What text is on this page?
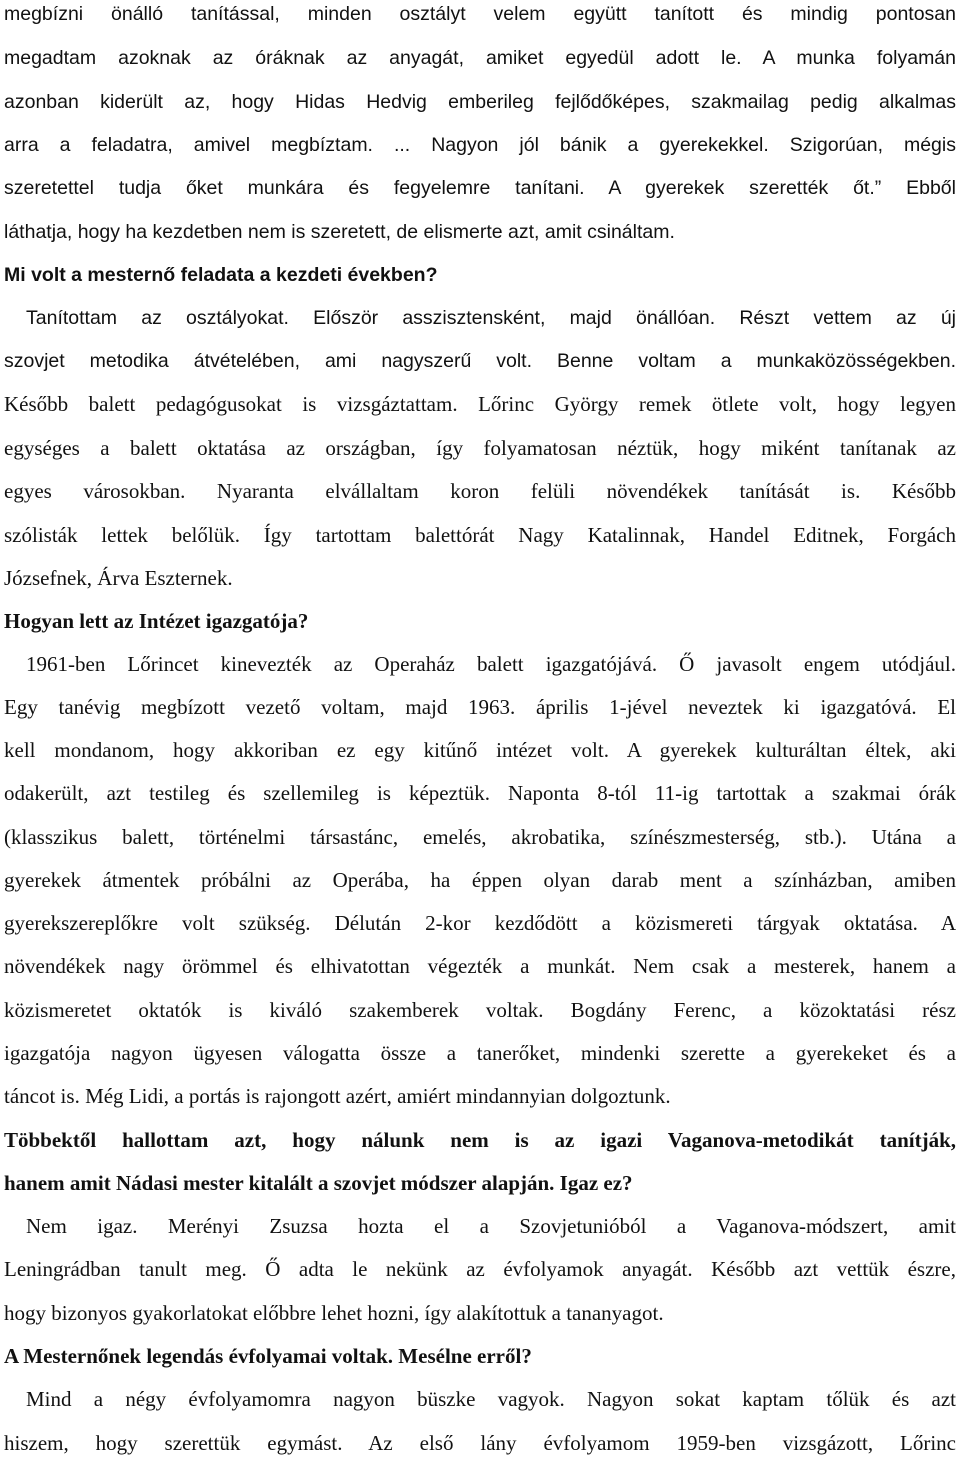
megbízni önálló tanítással, minden osztályt velem együtt tanított és mindig pontosan
megadtam azoknak az óráknak az anyagát, amiket egyedül adott le. A munka folyamán
azonban kiderült az, hogy Hidas Hedvig emberileg fejlődőképes, szakmailag pedig alkalmas
arra a feladatra, amivel megbíztam. ... Nagyon jól bánik a gyerekekkel. Szigorúan, mégis
szeretettel tudja őket munkára és fegyelemre tanítani. A gyerekek szerették őt.” Ebből
láthatja, hogy ha kezdetben nem is szeretett, de elismerte azt, amit csináltam.
Mi volt a mesternő feladata a kezdeti években?
Tanítottam az osztályokat. Először asszisztensként, majd önállóan. Részt vettem az új
szovjet metodika átvételében, ami nagyszerű volt. Benne voltam a munkaközösségekben.
Később balett pedagógusokat is vizsgáztattam. Lőrinc György remek ötlete volt, hogy legyen
egységes a balett oktatása az országban, így folyamatosan néztük, hogy miként tanítanak az
egyes városokban. Nyaranta elvállaltam koron felüli növendékek tanítását is. Később
szólisták lettek belőlük. Így tartottam balettórát Nagy Katalinnak, Handel Editnek, Forgách
Józsefnek, Árva Eszternek.
Hogyan lett az Intézet igazgatója?
1961-ben Lőrincet kinevezték az Operaház balett igazgatójává. Ő javasolt engem utódjául.
Egy tanévig megbízott vezető voltam, majd 1963. április 1-jével neveztek ki igazgatóvá. El
kell mondanom, hogy akkoriban ez egy kitűnő intézet volt. A gyerekek kulturáltan éltek, aki
odakerült, azt testileg és szellemileg is képeztük. Naponta 8-tól 11-ig tartottak a szakmai órák
(klasszikus balett, történelmi társastánc, emelés, akrobatika, színészmesterség, stb.). Utána a
gyerekek átmentek próbálni az Operába, ha éppen olyan darab ment a színházban, amiben
gyerekszereplőkre volt szükség. Délután 2-kor kezdődött a közismereti tárgyak oktatása. A
növendékek nagy örömmel és elhivatottan végezték a munkát. Nem csak a mesterek, hanem a
közismeretet oktatók is kiváló szakemberek voltak. Bogdány Ferenc, a közoktatási rész
igazgatója nagyon ügyesen válogatta össze a tanerőket, mindenki szerette a gyerekeket és a
táncot is. Még Lidi, a portás is rajongott azért, amiért mindannyian dolgoztunk.
Többektől hallottam azt, hogy nálunk nem is az igazi Vaganova-metodikát tanítják,
hanem amit Nádasi mester kitalált a szovjet módszer alapján. Igaz ez?
Nem igaz. Merényi Zsuzsa hozta el a Szovjetunióból a Vaganova-módszert, amit
Leningrádban tanult meg. Ő adta le nekünk az évfolyamok anyagát. Később azt vettük észre,
hogy bizonyos gyakorlatokat előbbre lehet hozni, így alakítottuk a tananyagot.
A Mesternőnek legendás évfolyamai voltak. Mesélne erről?
Mind a négy évfolyamomra nagyon büszke vagyok. Nagyon sokat kaptam tőlük és azt
hiszem, hogy szerettük egymást. Az első lány évfolyamom 1959-ben vizsgázott, Lőrinc
